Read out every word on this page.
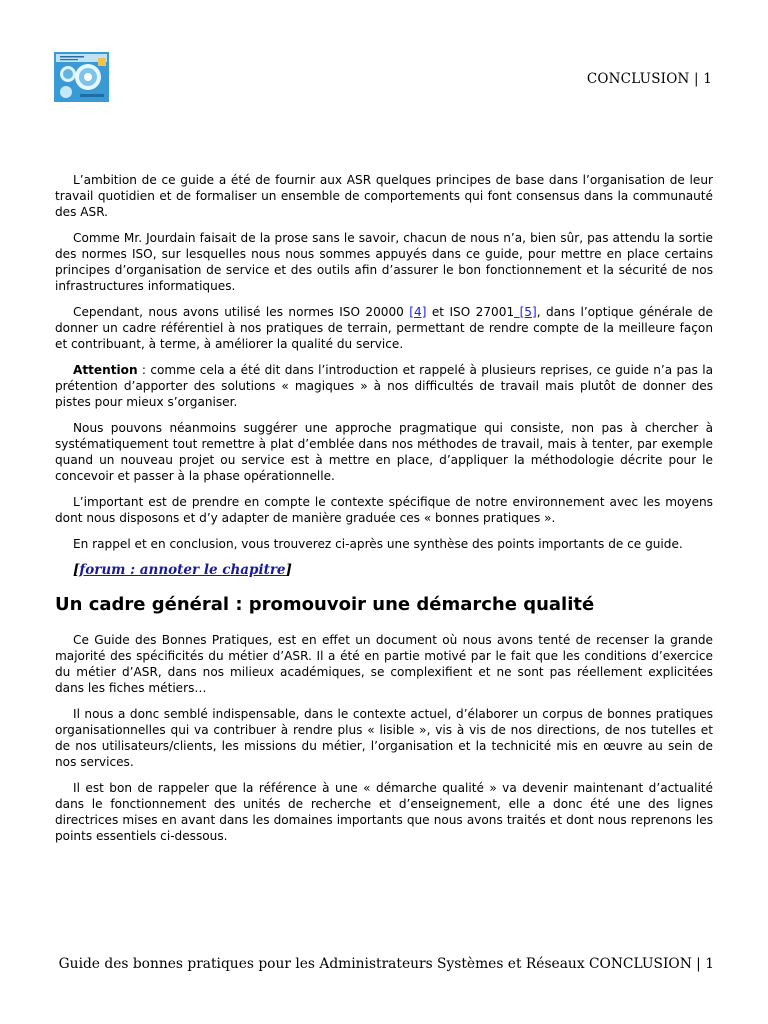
CONCLUSION | 1

L’ambition de ce guide a été de fournir aux ASR quelques principes de base dans l’organisation de leur travail quotidien et de formaliser un ensemble de comportements qui font consensus dans la communauté des ASR.

Comme Mr. Jourdain faisait de la prose sans le savoir, chacun de nous n’a, bien sûr, pas attendu la sortie des normes ISO, sur lesquelles nous nous sommes appuyés dans ce guide, pour mettre en place certains principes d’organisation de service et des outils afin d’assurer le bon fonctionnement et la sécurité de nos infrastructures informatiques.

Cependant, nous avons utilisé les normes ISO 20000 [4] et ISO 27001 [5], dans l’optique générale de donner un cadre référentiel à nos pratiques de terrain, permettant de rendre compte de la meilleure façon et contribuant, à terme, à améliorer la qualité du service.

Attention : comme cela a été dit dans l’introduction et rappelé à plusieurs reprises, ce guide n’a pas la prétention d’apporter des solutions « magiques » à nos difficultés de travail mais plutôt de donner des pistes pour mieux s’organiser.

Nous pouvons néanmoins suggérer une approche pragmatique qui consiste, non pas à chercher à systématiquement tout remettre à plat d’emblée dans nos méthodes de travail, mais à tenter, par exemple quand un nouveau projet ou service est à mettre en place, d’appliquer la méthodologie décrite pour le concevoir et passer à la phase opérationnelle.

L’important est de prendre en compte le contexte spécifique de notre environnement avec les moyens dont nous disposons et d’y adapter de manière graduée ces « bonnes pratiques ».

En rappel et en conclusion, vous trouverez ci-après une synthèse des points importants de ce guide.

[forum : annoter le chapitre]
Un cadre général : promouvoir une démarche qualité

Ce Guide des Bonnes Pratiques, est en effet un document où nous avons tenté de recenser la grande majorité des spécificités du métier d’ASR. Il a été en partie motivé par le fait que les conditions d’exercice du métier d’ASR, dans nos milieux académiques, se complexifient et ne sont pas réellement explicitées dans les fiches métiers…

Il nous a donc semblé indispensable, dans le contexte actuel, d’élaborer un corpus de bonnes pratiques organisationnelles qui va contribuer à rendre plus « lisible », vis à vis de nos directions, de nos tutelles et de nos utilisateurs/clients, les missions du métier, l’organisation et la technicité mis en œuvre au sein de nos services.

Il est bon de rappeler que la référence à une « démarche qualité » va devenir maintenant d’actualité dans le fonctionnement des unités de recherche et d’enseignement, elle a donc été une des lignes directrices mises en avant dans les domaines importants que nous avons traités et dont nous reprenons les points essentiels ci-dessous.

Guide des bonnes pratiques pour les Administrateurs Systèmes et Réseaux CONCLUSION | 1
